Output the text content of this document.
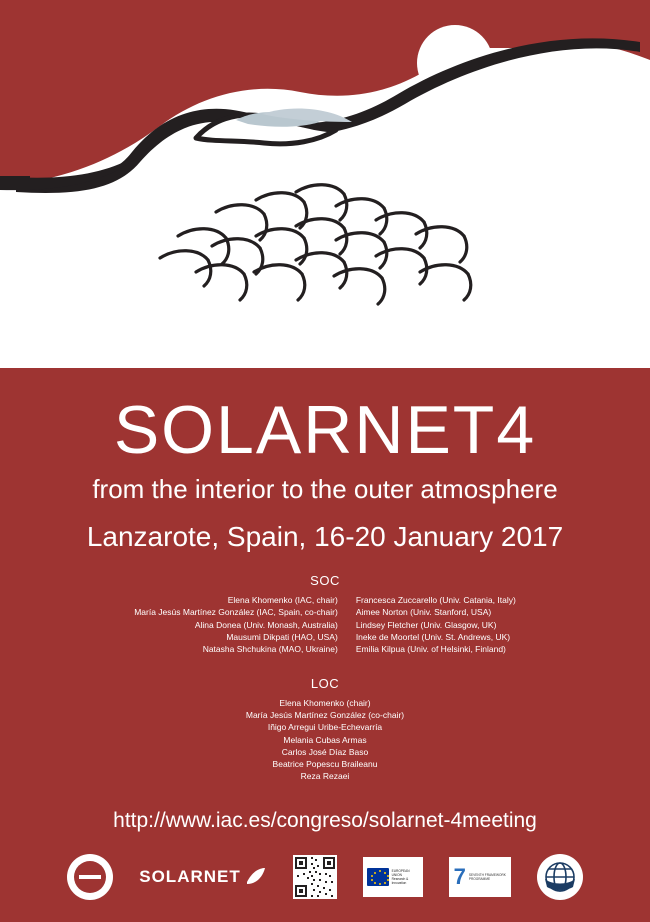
SOLARNET4

from the interior to the outer atmosphere

Lanzarote, Spain, 16-20 January 2017

SOC
Elena Khomenko (IAC, chair)
María Jesús Martínez González (IAC, Spain, co-chair)
Alina Donea (Univ. Monash, Australia)
Mausumi Dikpati (HAO, USA)
Natasha Shchukina (MAO, Ukraine)
Francesca Zuccarello (Univ. Catania, Italy)
Aimee Norton (Univ. Stanford, USA)
Lindsey Fletcher (Univ. Glasgow, UK)
Ineke de Moortel (Univ. St. Andrews, UK)
Emilia Kilpua (Univ. of Helsinki, Finland)
LOC
Elena Khomenko (chair)
María Jesús Martínez González (co-chair)
Iñigo Arregui Uribe-Echevarría
Melania Cubas Armas
Carlos José Díaz Baso
Beatrice Popescu Braileanu
Reza Rezaei
http://www.iac.es/congreso/solarnet-4meeting
SOLARNET	EUROPEAN UNION
Research & Innovation	7 SEVENTH FRAMEWORK
PROGRAMME
